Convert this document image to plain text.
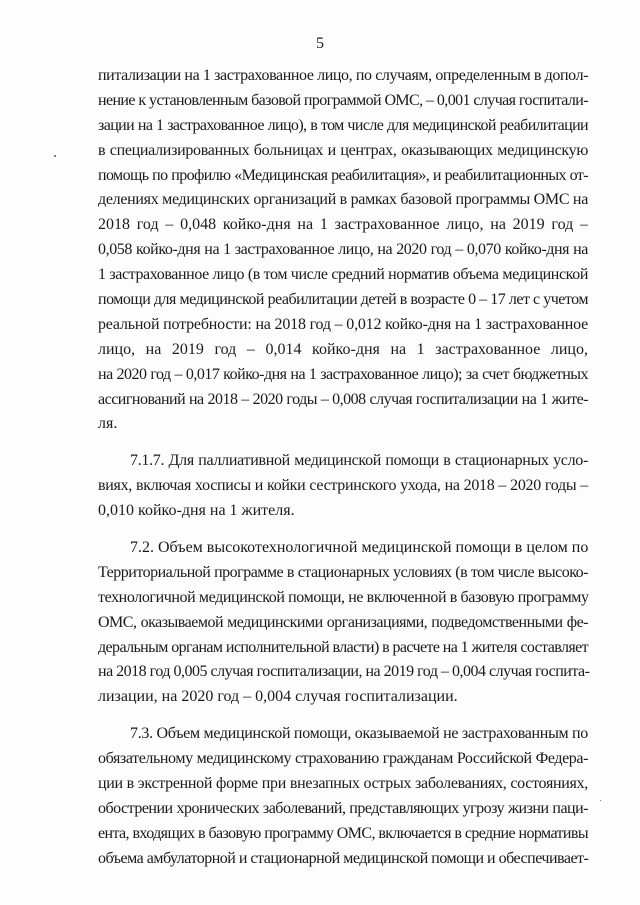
5
питализации на 1 застрахованное лицо, по случаям, определенным в допол-
нение к установленным базовой программой ОМС, – 0,001 случая госпитали-
зации на 1 застрахованное лицо), в том числе для медицинской реабилитации
в специализированных больницах и центрах, оказывающих медицинскую
помощь по профилю «Медицинская реабилитация», и реабилитационных от-
делениях медицинских организаций в рамках базовой программы ОМС на
2018 год – 0,048 койко-дня на 1 застрахованное лицо, на 2019 год –
0,058 койко-дня на 1 застрахованное лицо, на 2020 год – 0,070 койко-дня на
1 застрахованное лицо (в том числе средний норматив объема медицинской
помощи для медицинской реабилитации детей в возрасте 0 – 17 лет с учетом
реальной потребности: на 2018 год – 0,012 койко-дня на 1 застрахованное
лицо, на 2019 год – 0,014 койко-дня на 1 застрахованное лицо,
на 2020 год – 0,017 койко-дня на 1 застрахованное лицо); за счет бюджетных
ассигнований на 2018 – 2020 годы – 0,008 случая госпитализации на 1 жите-
ля.
7.1.7. Для паллиативной медицинской помощи в стационарных усло-
виях, включая хосписы и койки сестринского ухода, на 2018 – 2020 годы –
0,010 койко-дня на 1 жителя.
7.2. Объем высокотехнологичной медицинской помощи в целом по
Территориальной программе в стационарных условиях (в том числе высоко-
технологичной медицинской помощи, не включенной в базовую программу
ОМС, оказываемой медицинскими организациями, подведомственными фе-
деральным органам исполнительной власти) в расчете на 1 жителя составляет
на 2018 год 0,005 случая госпитализации, на 2019 год – 0,004 случая госпита-
лизации, на 2020 год – 0,004 случая госпитализации.
7.3. Объем медицинской помощи, оказываемой не застрахованным по
обязательному медицинскому страхованию гражданам Российской Федера-
ции в экстренной форме при внезапных острых заболеваниях, состояниях,
обострении хронических заболеваний, представляющих угрозу жизни паци-
ента, входящих в базовую программу ОМС, включается в средние нормативы
объема амбулаторной и стационарной медицинской помощи и обеспечивает-
